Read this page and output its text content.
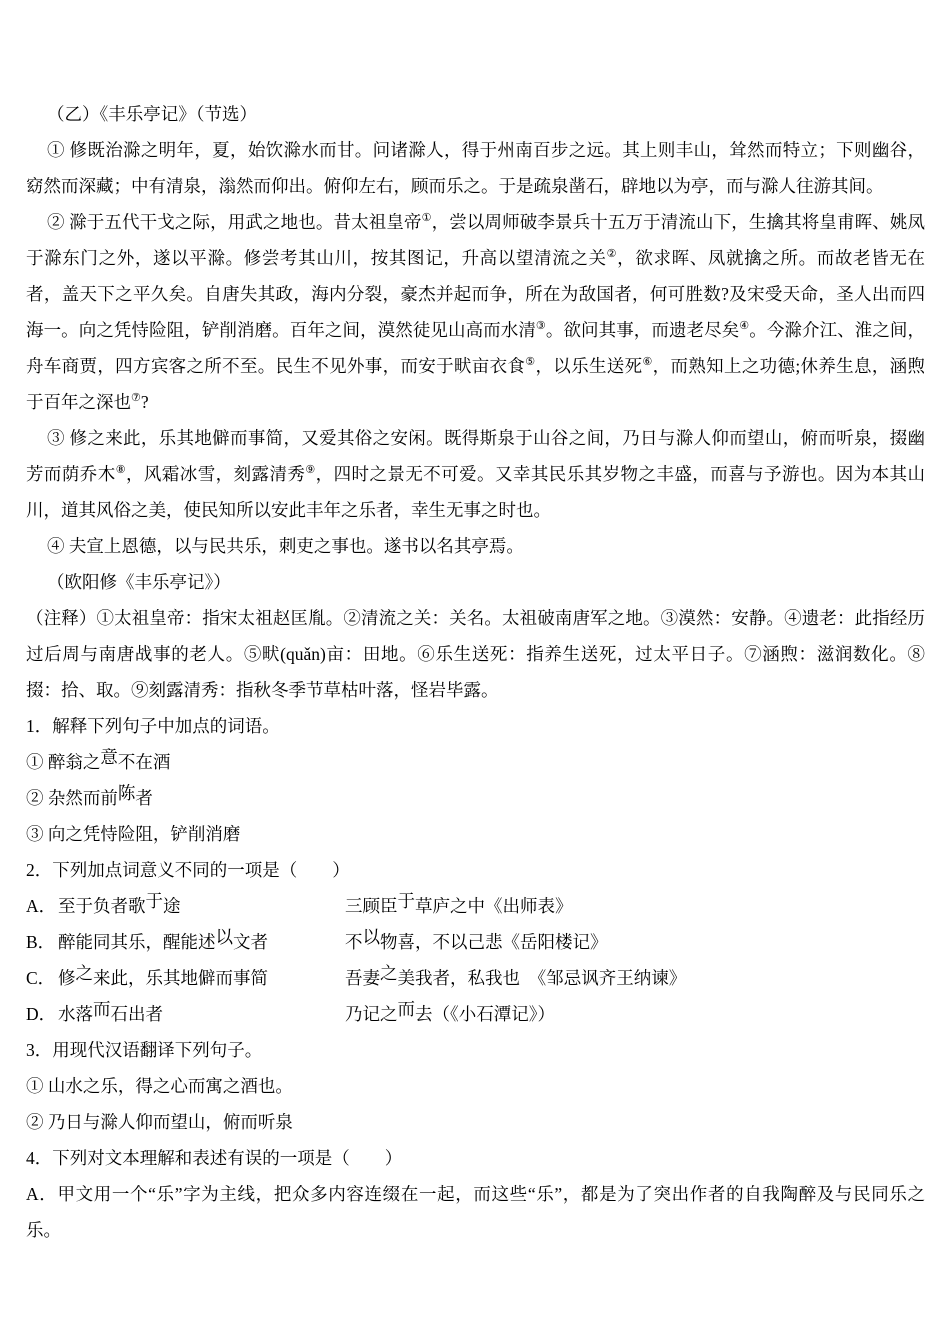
（乙）《丰乐亭记》（节选）

① 修既治滁之明年，夏，始饮滁水而甘。问诸滁人，得于州南百步之远。其上则丰山，耸然而特立；下则幽谷，窈然而深藏；中有清泉，滃然而仰出。俯仰左右，顾而乐之。于是疏泉凿石，辟地以为亭，而与滁人往游其间。

② 滁于五代干戈之际，用武之地也。昔太祖皇帝①，尝以周师破李景兵十五万于清流山下，生擒其将皇甫晖、姚凤于滁东门之外，遂以平滁。修尝考其山川，按其图记，升高以望清流之关②，欲求晖、凤就擒之所。而故老皆无在者，盖天下之平久矣。自唐失其政，海内分裂，豪杰并起而争，所在为敌国者，何可胜数?及宋受天命，圣人出而四海一。向之凭恃险阻，铲削消磨。百年之间，漠然徒见山高而水清③。欲问其事，而遗老尽矣④。今滁介江、淮之间，舟车商贾，四方宾客之所不至。民生不见外事，而安于畎亩衣食⑤，以乐生送死⑥，而熟知上之功德;休养生息，涵煦于百年之深也⑦?

③ 修之来此，乐其地僻而事简，又爱其俗之安闲。既得斯泉于山谷之间，乃日与滁人仰而望山，俯而听泉，掇幽芳而荫乔木⑧，风霜冰雪，刻露清秀⑨，四时之景无不可爱。又幸其民乐其岁物之丰盛，而喜与予游也。因为本其山川，道其风俗之美，使民知所以安此丰年之乐者，幸生无事之时也。

④ 夫宣上恩德，以与民共乐，刺吏之事也。遂书以名其亭焉。

（欧阳修《丰乐亭记》）

（注释）①太祖皇帝：指宋太祖赵匡胤。②清流之关：关名。太祖破南唐军之地。③漠然：安静。④遗老：此指经历过后周与南唐战事的老人。⑤畎(quǎn)亩：田地。⑥乐生送死：指养生送死，过太平日子。⑦涵煦：滋润数化。⑧掇：拾、取。⑨刻露清秀：指秋冬季节草枯叶落，怪岩毕露。

1．解释下列句子中加点的词语。

① 醉翁之意不在酒

② 杂然而前陈者

③ 向之凭恃险阻，铲削消磨

2．下列加点词意义不同的一项是（　　）

A． 至于负者歌于途	三顾臣于草庐之中《出师表》
B． 醉能同其乐，醒能述以文者	不以物喜，不以己悲《岳阳楼记》
C． 修之来此，乐其地僻而事简	吾妻之美我者，私我也　《邹忌讽齐王纳谏》
D． 水落而石出者	乃记之而去（《小石潭记》）

3．用现代汉语翻译下列句子。

① 山水之乐，得之心而寓之酒也。

② 乃日与滁人仰而望山，俯而听泉

4．下列对文本理解和表述有误的一项是（　　）

A．甲文用一个“乐”字为主线，把众多内容连缀在一起，而这些“乐”，都是为了突出作者的自我陶醉及与民同乐之乐。
